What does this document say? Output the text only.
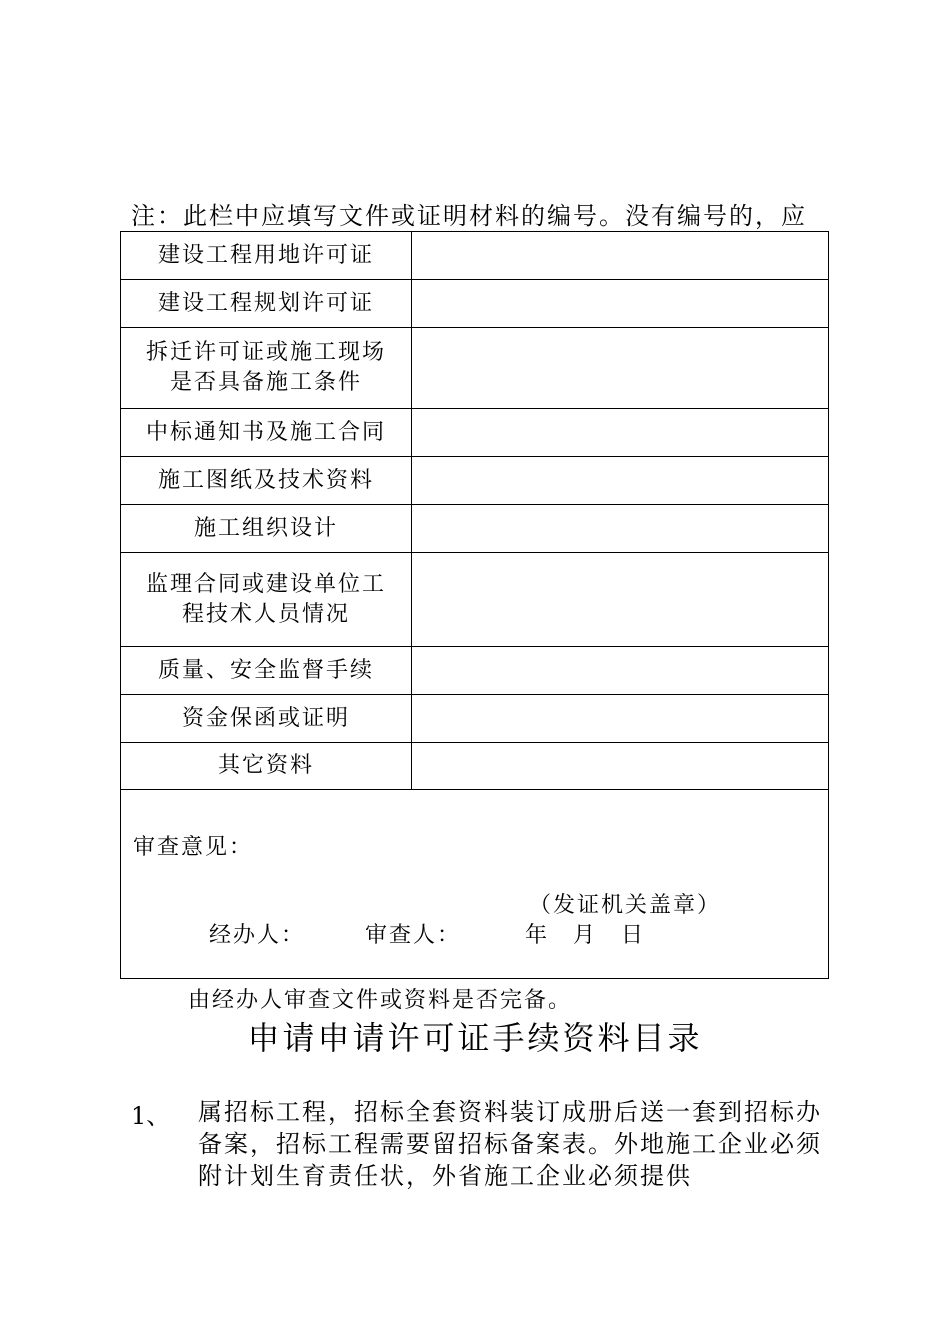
注：此栏中应填写文件或证明材料的编号。没有编号的，应
建设工程用地许可证	

建设工程规划许可证	

拆迁许可证或施工现场
是否具备施工条件	

中标通知书及施工合同	

施工图纸及技术资料	

施工组织设计	

监理合同或建设单位工
程技术人员情况	

质量、安全监督手续	

资金保函或证明	

其它资料	

审查意见：
（发证机关盖章）
经办人： 审查人： 年　月　日	
由经办人审查文件或资料是否完备。
申请申请许可证手续资料目录
1、 属招标工程，招标全套资料装订成册后送一套到招标办备案，招标工程需要留招标备案表。外地施工企业必须附计划生育责任状，外省施工企业必须提供
